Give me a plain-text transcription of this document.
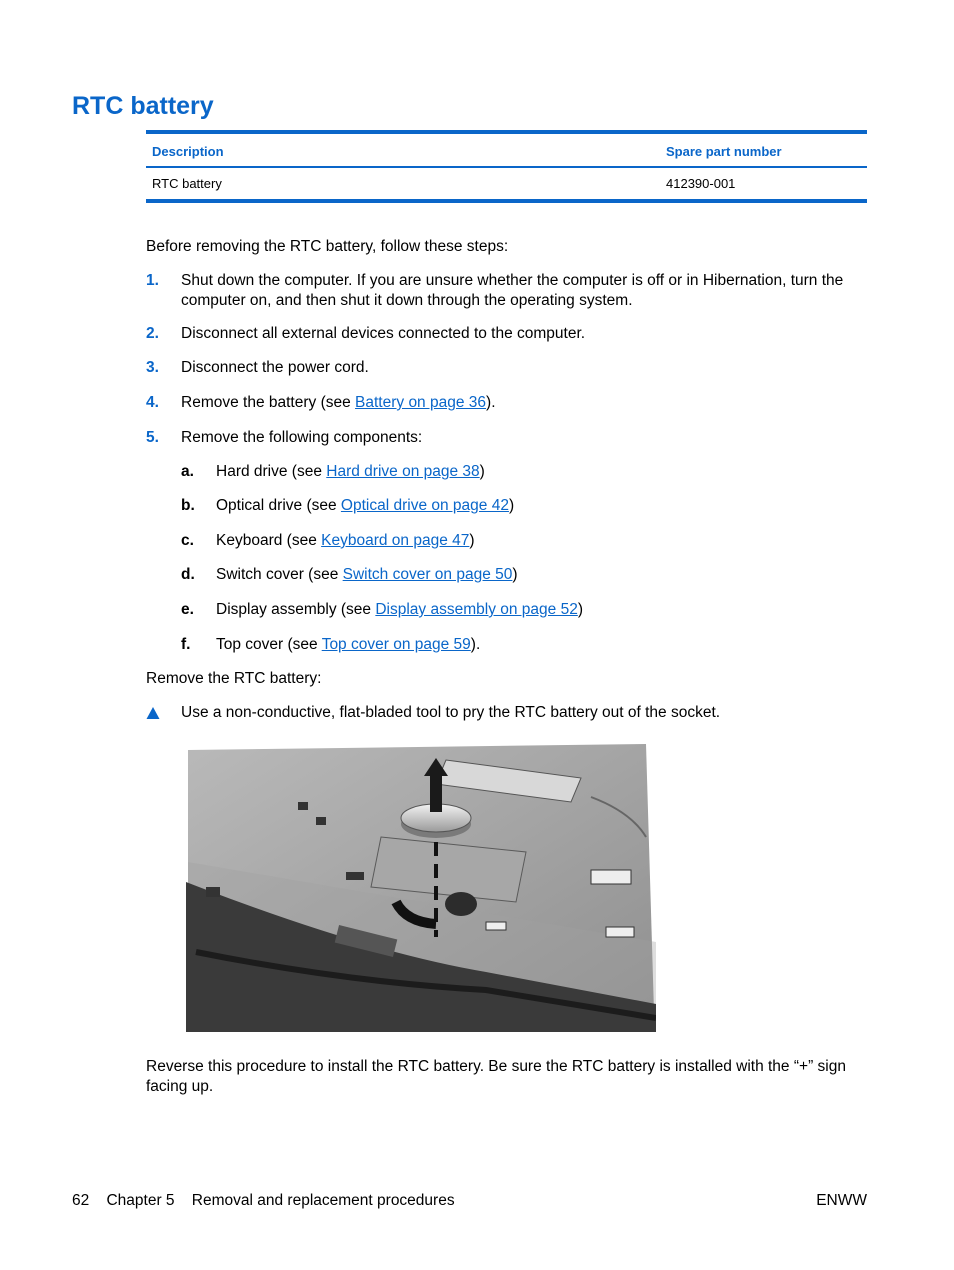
RTC battery
Description	Spare part number
RTC battery	412390-001

Before removing the RTC battery, follow these steps:

1. Shut down the computer. If you are unsure whether the computer is off or in Hibernation, turn the computer on, and then shut it down through the operating system.
2. Disconnect all external devices connected to the computer.
3. Disconnect the power cord.
4. Remove the battery (see Battery on page 36).
5. Remove the following components:
a. Hard drive (see Hard drive on page 38)
b. Optical drive (see Optical drive on page 42)
c. Keyboard (see Keyboard on page 47)
d. Switch cover (see Switch cover on page 50)
e. Display assembly (see Display assembly on page 52)
f. Top cover (see Top cover on page 59).

Remove the RTC battery:

Use a non-conductive, flat-bladed tool to pry the RTC battery out of the socket.

Reverse this procedure to install the RTC battery. Be sure the RTC battery is installed with the “+” sign facing up.

62 Chapter 5 Removal and replacement procedures	ENWW
